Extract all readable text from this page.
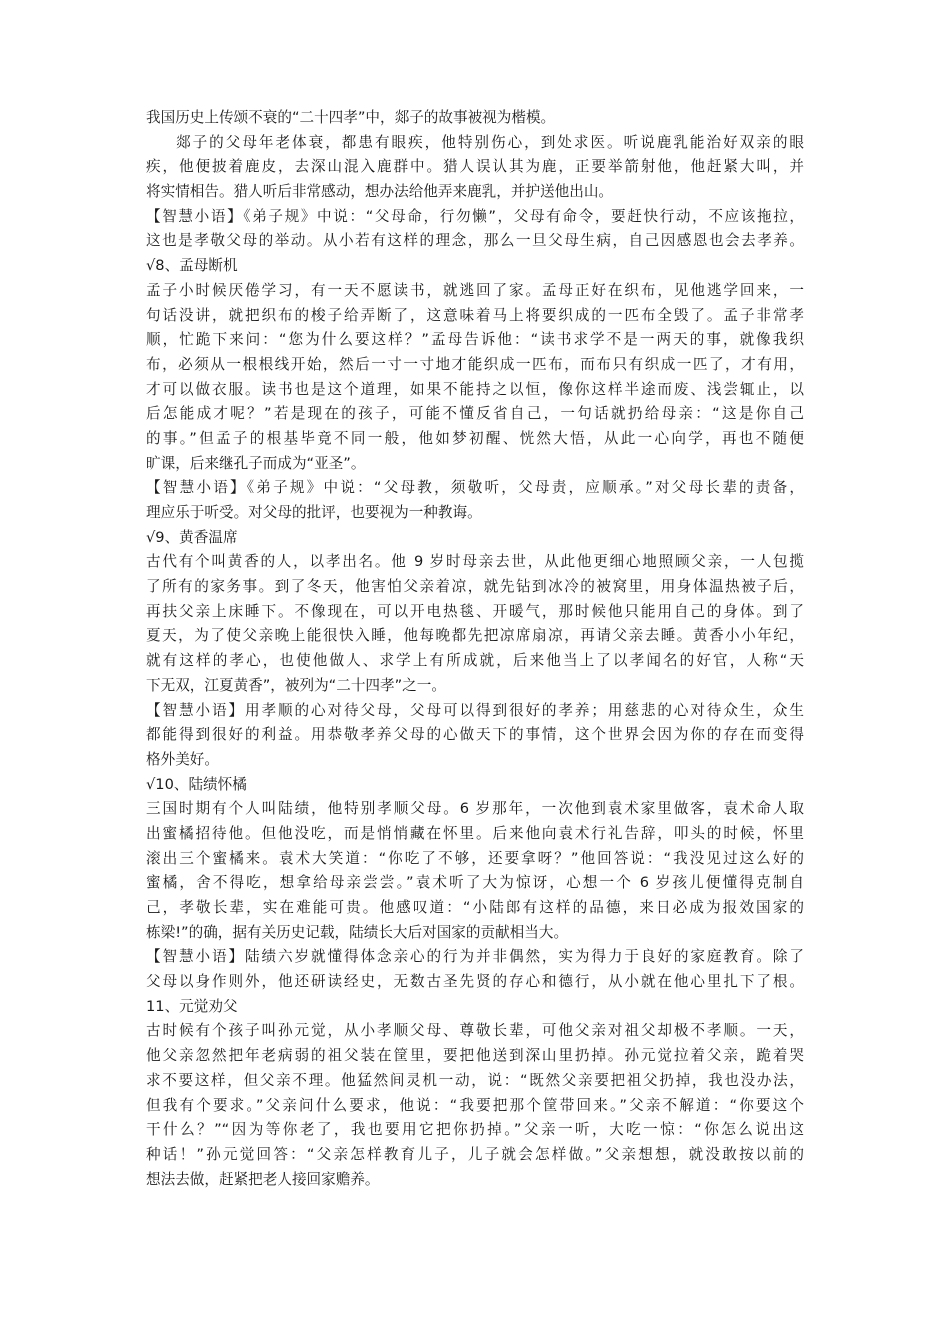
我国历史上传颂不衰的“二十四孝”中，郯子的故事被视为楷模。
郯子的父母年老体衰，都患有眼疾，他特别伤心，到处求医。听说鹿乳能治好双亲的眼
疾，他便披着鹿皮，去深山混入鹿群中。猎人误认其为鹿，正要举箭射他，他赶紧大叫，并
将实情相告。猎人听后非常感动，想办法给他弄来鹿乳，并护送他出山。
【智慧小语】《弟子规》中说：“父母命，行勿懒”，父母有命令，要赶快行动，不应该拖拉，
这也是孝敬父母的举动。从小若有这样的理念，那么一旦父母生病，自己因感恩也会去孝养。
√8、孟母断机
孟子小时候厌倦学习，有一天不愿读书，就逃回了家。孟母正好在织布，见他逃学回来，一
句话没讲，就把织布的梭子给弄断了，这意味着马上将要织成的一匹布全毁了。孟子非常孝
顺，忙跪下来问：“您为什么要这样？”孟母告诉他：“读书求学不是一两天的事，就像我织
布，必须从一根根线开始，然后一寸一寸地才能织成一匹布，而布只有织成一匹了，才有用，
才可以做衣服。读书也是这个道理，如果不能持之以恒，像你这样半途而废、浅尝辄止，以
后怎能成才呢？”若是现在的孩子，可能不懂反省自己，一句话就扔给母亲：“这是你自己
的事。”但孟子的根基毕竟不同一般，他如梦初醒、恍然大悟，从此一心向学，再也不随便
旷课，后来继孔子而成为“亚圣”。
【智慧小语】《弟子规》中说：“父母教，须敬听，父母责，应顺承。”对父母长辈的责备，
理应乐于听受。对父母的批评，也要视为一种教诲。
√9、黄香温席
古代有个叫黄香的人，以孝出名。他 9 岁时母亲去世，从此他更细心地照顾父亲，一人包揽
了所有的家务事。到了冬天，他害怕父亲着凉，就先钻到冰冷的被窝里，用身体温热被子后，
再扶父亲上床睡下。不像现在，可以开电热毯、开暖气，那时候他只能用自己的身体。到了
夏天，为了使父亲晚上能很快入睡，他每晚都先把凉席扇凉，再请父亲去睡。黄香小小年纪，
就有这样的孝心，也使他做人、求学上有所成就，后来他当上了以孝闻名的好官，人称“天
下无双，江夏黄香”，被列为“二十四孝”之一。
【智慧小语】用孝顺的心对待父母，父母可以得到很好的孝养；用慈悲的心对待众生，众生
都能得到很好的利益。用恭敬孝养父母的心做天下的事情，这个世界会因为你的存在而变得
格外美好。
√10、陆绩怀橘
三国时期有个人叫陆绩，他特别孝顺父母。6 岁那年，一次他到袁术家里做客，袁术命人取
出蜜橘招待他。但他没吃，而是悄悄藏在怀里。后来他向袁术行礼告辞，叩头的时候，怀里
滚出三个蜜橘来。袁术大笑道：“你吃了不够，还要拿呀？”他回答说：“我没见过这么好的
蜜橘，舍不得吃，想拿给母亲尝尝。”袁术听了大为惊讶，心想一个 6 岁孩儿便懂得克制自
己，孝敬长辈，实在难能可贵。他感叹道：“小陆郎有这样的品德，来日必成为报效国家的
栋梁!”的确，据有关历史记载，陆绩长大后对国家的贡献相当大。
【智慧小语】陆绩六岁就懂得体念亲心的行为并非偶然，实为得力于良好的家庭教育。除了
父母以身作则外，他还研读经史，无数古圣先贤的存心和德行，从小就在他心里扎下了根。
11、元觉劝父
古时候有个孩子叫孙元觉，从小孝顺父母、尊敬长辈，可他父亲对祖父却极不孝顺。一天，
他父亲忽然把年老病弱的祖父装在筐里，要把他送到深山里扔掉。孙元觉拉着父亲，跪着哭
求不要这样，但父亲不理。他猛然间灵机一动，说：“既然父亲要把祖父扔掉，我也没办法，
但我有个要求。”父亲问什么要求，他说：“我要把那个筐带回来。”父亲不解道：“你要这个
干什么？”“因为等你老了，我也要用它把你扔掉。”父亲一听，大吃一惊：“你怎么说出这
种话！”孙元觉回答：“父亲怎样教育儿子，儿子就会怎样做。”父亲想想，就没敢按以前的
想法去做，赶紧把老人接回家赡养。
